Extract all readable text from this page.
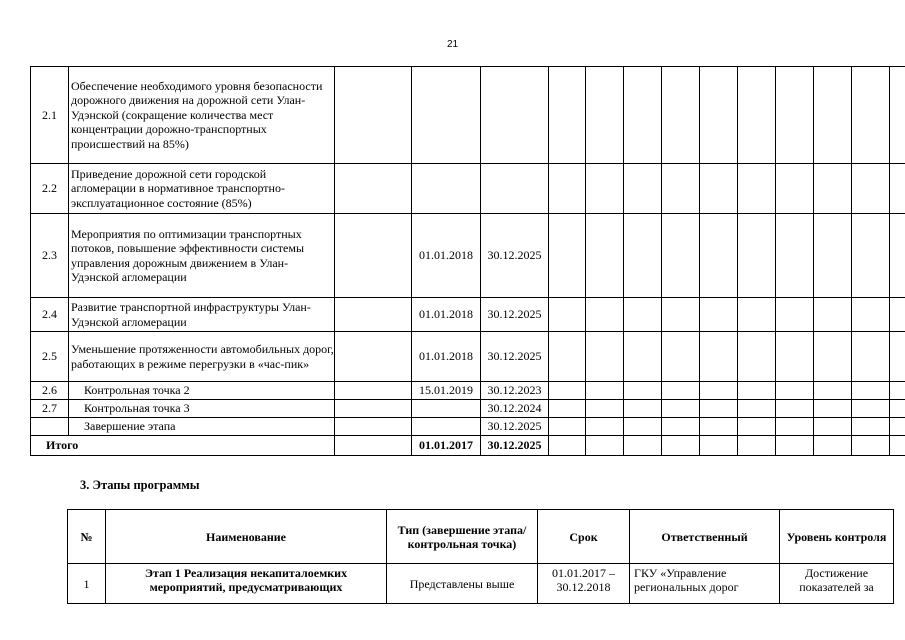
21
2.1	Обеспечение необходимого уровня безопасности дорожного движения на дорожной сети Улан-Удэнской (сокращение количества мест концентрации дорожно-транспортных происшествий на 85%)														
2.2	Приведение дорожной сети городской агломерации в нормативное транспортно-эксплуатационное состояние (85%)														
2.3	Мероприятия по оптимизации транспортных потоков, повышение эффективности системы управления дорожным движением в Улан-Удэнской агломерации		01.01.2018	30.12.2025											
2.4	Развитие транспортной инфраструктуры Улан-Удэнской агломерации		01.01.2018	30.12.2025											
2.5	Уменьшение протяженности автомобильных дорог, работающих в режиме перегрузки в «час-пик»		01.01.2018	30.12.2025											
2.6	Контрольная точка 2		15.01.2019	30.12.2023											
2.7	Контрольная точка 3			30.12.2024											
	Завершение этапа			30.12.2025											
Итого			01.01.2017	30.12.2025											
3. Этапы программы
№	Наименование	Тип (завершение этапа/контрольная точка)	Срок	Ответственный	Уровень контроля
1	Этап 1 Реализация некапиталоемких мероприятий, предусматривающих	Представлены выше	01.01.2017 – 30.12.2018	ГКУ «Управление региональных дорог	Достижение показателей за
